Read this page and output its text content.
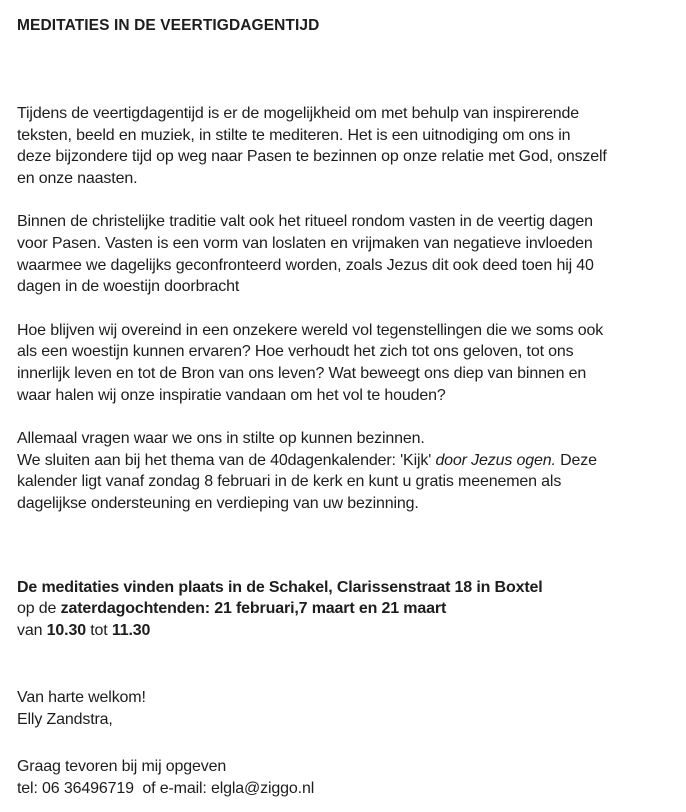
MEDITATIES IN DE VEERTIGDAGENTIJD

Tijdens de veertigdagentijd is er de mogelijkheid om met behulp van inspirerende
teksten, beeld en muziek, in stilte te mediteren. Het is een uitnodiging om ons in
deze bijzondere tijd op weg naar Pasen te bezinnen op onze relatie met God, onszelf
en onze naasten.

Binnen de christelijke traditie valt ook het ritueel rondom vasten in de veertig dagen
voor Pasen. Vasten is een vorm van loslaten en vrijmaken van negatieve invloeden
waarmee we dagelijks geconfronteerd worden, zoals Jezus dit ook deed toen hij 40
dagen in de woestijn doorbracht

Hoe blijven wij overeind in een onzekere wereld vol tegenstellingen die we soms ook
als een woestijn kunnen ervaren? Hoe verhoudt het zich tot ons geloven, tot ons
innerlijk leven en tot de Bron van ons leven? Wat beweegt ons diep van binnen en
waar halen wij onze inspiratie vandaan om het vol te houden?

Allemaal vragen waar we ons in stilte op kunnen bezinnen.
We sluiten aan bij het thema van de 40dagenkalender: 'Kijk' door Jezus ogen. Deze
kalender ligt vanaf zondag 8 februari in de kerk en kunt u gratis meenemen als
dagelijkse ondersteuning en verdieping van uw bezinning.

De meditaties vinden plaats in de Schakel, Clarissenstraat 18 in Boxtel
op de zaterdagochtenden: 21 februari,7 maart en 21 maart
van 10.30 tot 11.30

Van harte welkom!
Elly Zandstra,

Graag tevoren bij mij opgeven
tel: 06 36496719  of e-mail: elgla@ziggo.nl
